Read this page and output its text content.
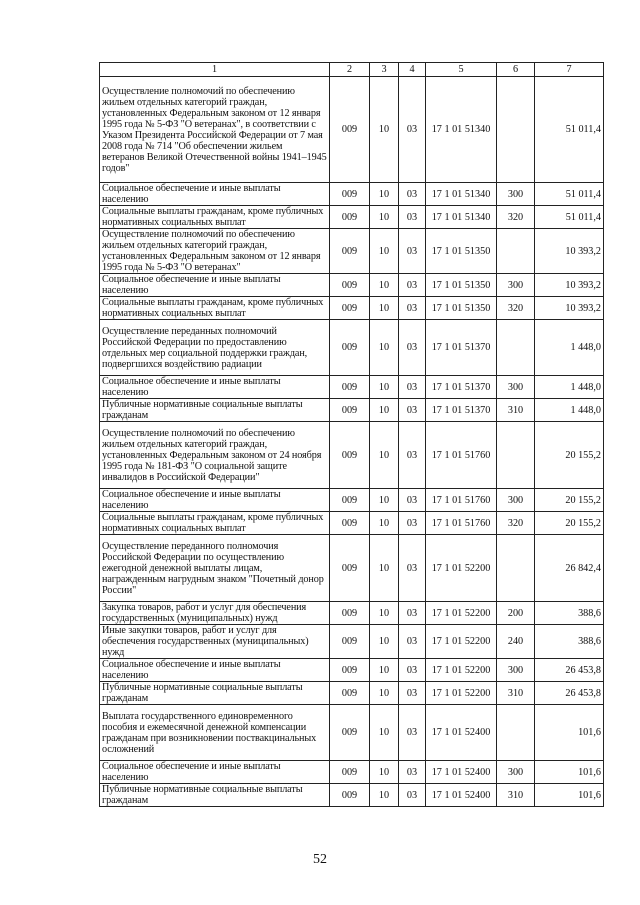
1	2	3	4	5	6	7
Осуществление полномочий по обеспечению жильем отдельных категорий граждан, установленных Федеральным законом от 12 января 1995 года № 5-ФЗ "О ветеранах", в соответствии с Указом Президента Российской Федерации от 7 мая 2008 года № 714 "Об обеспечении жильем ветеранов Великой Отечественной войны 1941–1945 годов"	009	10	03	17 1 01 51340		51 011,4
Социальное обеспечение и иные выплаты населению	009	10	03	17 1 01 51340	300	51 011,4
Социальные выплаты гражданам, кроме публичных нормативных социальных выплат	009	10	03	17 1 01 51340	320	51 011,4
Осуществление полномочий по обеспечению жильем отдельных категорий граждан, установленных Федеральным законом от 12 января 1995 года № 5-ФЗ "О ветеранах"	009	10	03	17 1 01 51350		10 393,2
Социальное обеспечение и иные выплаты населению	009	10	03	17 1 01 51350	300	10 393,2
Социальные выплаты гражданам, кроме публичных нормативных социальных выплат	009	10	03	17 1 01 51350	320	10 393,2
Осуществление переданных полномочий Российской Федерации по предоставлению отдельных мер социальной поддержки граждан, подвергшихся воздействию радиации	009	10	03	17 1 01 51370		1 448,0
Социальное обеспечение и иные выплаты населению	009	10	03	17 1 01 51370	300	1 448,0
Публичные нормативные социальные выплаты гражданам	009	10	03	17 1 01 51370	310	1 448,0
Осуществление полномочий по обеспечению жильем отдельных категорий граждан, установленных Федеральным законом от 24 ноября 1995 года № 181-ФЗ "О социальной защите инвалидов в Российской Федерации"	009	10	03	17 1 01 51760		20 155,2
Социальное обеспечение и иные выплаты населению	009	10	03	17 1 01 51760	300	20 155,2
Социальные выплаты гражданам, кроме публичных нормативных социальных выплат	009	10	03	17 1 01 51760	320	20 155,2
Осуществление переданного полномочия Российской Федерации по осуществлению ежегодной денежной выплаты лицам, награжденным нагрудным знаком "Почетный донор России"	009	10	03	17 1 01 52200		26 842,4
Закупка товаров, работ и услуг для обеспечения государственных (муниципальных) нужд	009	10	03	17 1 01 52200	200	388,6
Иные закупки товаров, работ и услуг для обеспечения государственных (муниципальных) нужд	009	10	03	17 1 01 52200	240	388,6
Социальное обеспечение и иные выплаты населению	009	10	03	17 1 01 52200	300	26 453,8
Публичные нормативные социальные выплаты гражданам	009	10	03	17 1 01 52200	310	26 453,8
Выплата государственного единовременного пособия и ежемесячной денежной компенсации гражданам при возникновении поствакцинальных осложнений	009	10	03	17 1 01 52400		101,6
Социальное обеспечение и иные выплаты населению	009	10	03	17 1 01 52400	300	101,6
Публичные нормативные социальные выплаты гражданам	009	10	03	17 1 01 52400	310	101,6
52
